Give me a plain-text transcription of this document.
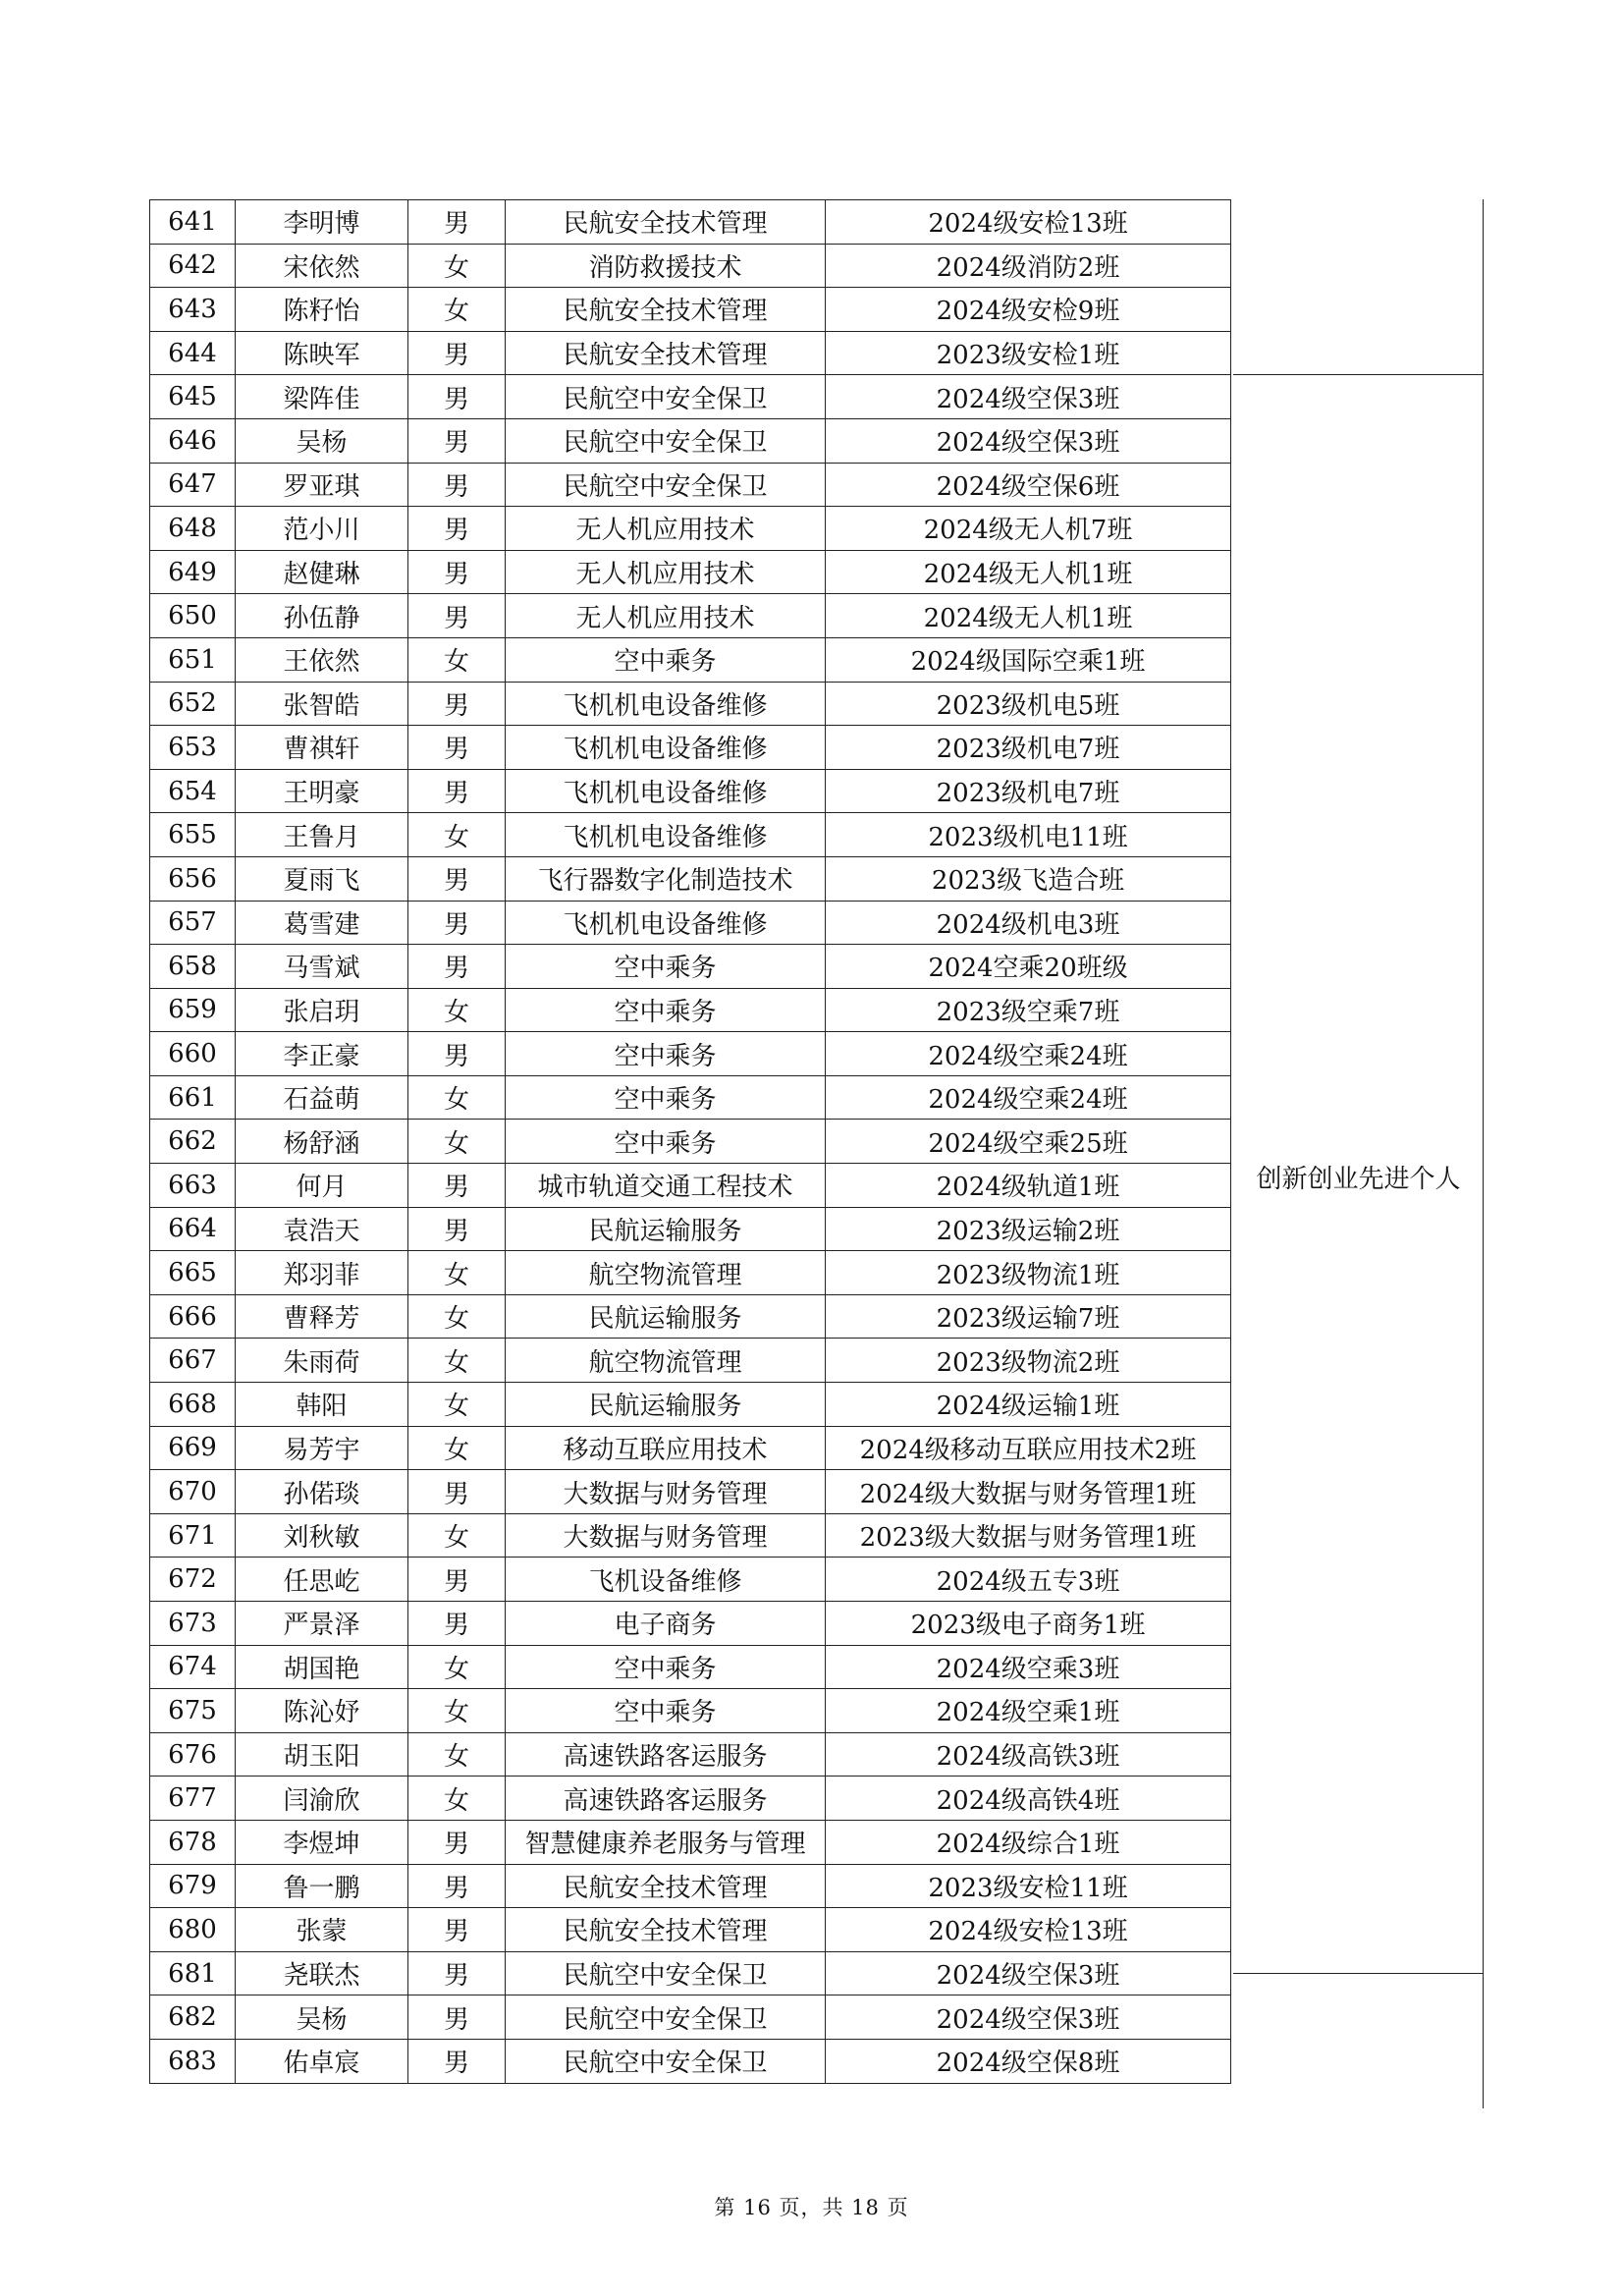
641	李明博	男	民航安全技术管理	2024级安检13班	
642	宋依然	女	消防救援技术	2024级消防2班	
643	陈籽怡	女	民航安全技术管理	2024级安检9班	
644	陈映军	男	民航安全技术管理	2023级安检1班	
645	梁阵佳	男	民航空中安全保卫	2024级空保3班	
646	吴杨	男	民航空中安全保卫	2024级空保3班	
647	罗亚琪	男	民航空中安全保卫	2024级空保6班	
648	范小川	男	无人机应用技术	2024级无人机7班	
649	赵健琳	男	无人机应用技术	2024级无人机1班	
650	孙伍静	男	无人机应用技术	2024级无人机1班	
651	王依然	女	空中乘务	2024级国际空乘1班	
652	张智皓	男	飞机机电设备维修	2023级机电5班	
653	曹祺轩	男	飞机机电设备维修	2023级机电7班	
654	王明豪	男	飞机机电设备维修	2023级机电7班	
655	王鲁月	女	飞机机电设备维修	2023级机电11班	
656	夏雨飞	男	飞行器数字化制造技术	2023级飞造合班	
657	葛雪建	男	飞机机电设备维修	2024级机电3班	
658	马雪斌	男	空中乘务	2024空乘20班级	
659	张启玥	女	空中乘务	2023级空乘7班	
660	李正豪	男	空中乘务	2024级空乘24班	
661	石益萌	女	空中乘务	2024级空乘24班	
662	杨舒涵	女	空中乘务	2024级空乘25班	
663	何月	男	城市轨道交通工程技术	2024级轨道1班	
664	袁浩天	男	民航运输服务	2023级运输2班	
665	郑羽菲	女	航空物流管理	2023级物流1班	
666	曹释芳	女	民航运输服务	2023级运输7班	
667	朱雨荷	女	航空物流管理	2023级物流2班	
668	韩阳	女	民航运输服务	2024级运输1班	
669	易芳宇	女	移动互联应用技术	2024级移动互联应用技术2班	
670	孙偌琰	男	大数据与财务管理	2024级大数据与财务管理1班	
671	刘秋敏	女	大数据与财务管理	2023级大数据与财务管理1班	
672	任思屹	男	飞机设备维修	2024级五专3班	
673	严景泽	男	电子商务	2023级电子商务1班	
674	胡国艳	女	空中乘务	2024级空乘3班	
675	陈沁妤	女	空中乘务	2024级空乘1班	
676	胡玉阳	女	高速铁路客运服务	2024级高铁3班	
677	闫渝欣	女	高速铁路客运服务	2024级高铁4班	
678	李煜坤	男	智慧健康养老服务与管理	2024级综合1班	
679	鲁一鹏	男	民航安全技术管理	2023级安检11班	
680	张蒙	男	民航安全技术管理	2024级安检13班	
681	尧联杰	男	民航空中安全保卫	2024级空保3班	
682	吴杨	男	民航空中安全保卫	2024级空保3班	
683	佑卓宸	男	民航空中安全保卫	2024级空保8班	
创新创业先进个人
第 16 页，共 18 页
